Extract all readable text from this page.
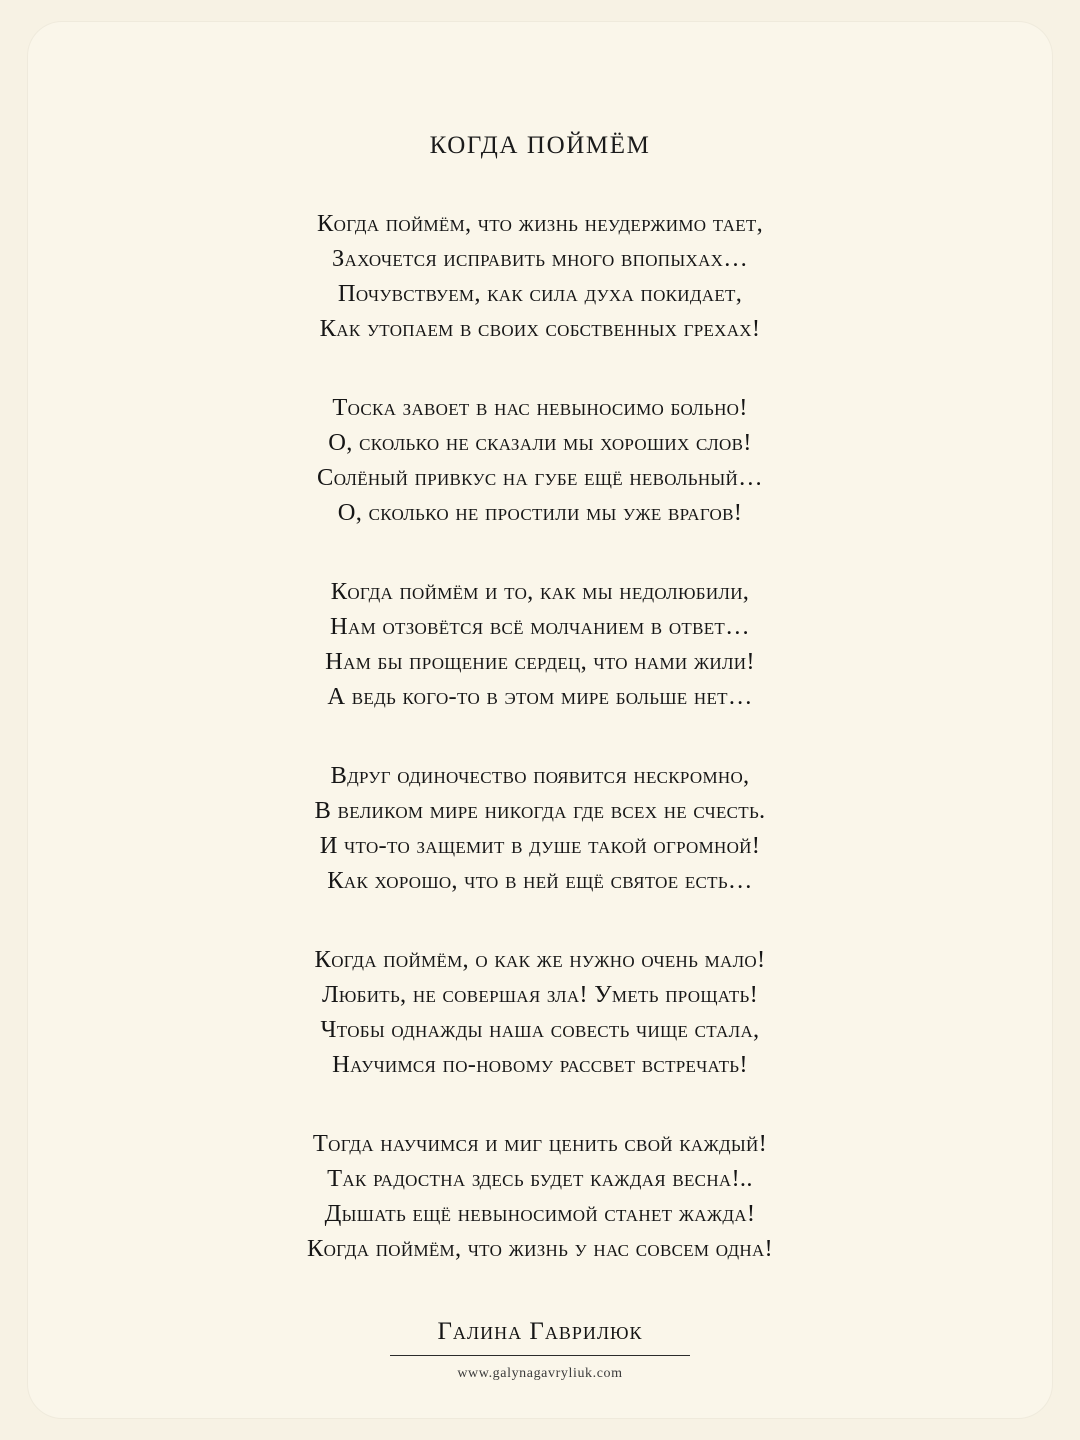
КОГДА ПОЙМЁМ
Когда поймём, что жизнь неудержимо тает,
Захочется исправить много впопыхах…
Почувствуем, как сила духа покидает,
Как утопаем в своих собственных грехах!
Тоска завоет в нас невыносимо больно!
О, сколько не сказали мы хороших слов!
Солёный привкус на губе ещё невольный…
О, сколько не простили мы уже врагов!
Когда поймём и то, как мы недолюбили,
Нам отзовётся всё молчанием в ответ…
Нам бы прощение сердец, что нами жили!
А ведь кого-то в этом мире больше нет…
Вдруг одиночество появится нескромно,
В великом мире никогда где всех не счесть.
И что-то защемит в душе такой огромной!
Как хорошо, что в ней ещё святое есть…
Когда поймём, о как же нужно очень мало!
Любить, не совершая зла! Уметь прощать!
Чтобы однажды наша совесть чище стала,
Научимся по-новому рассвет встречать!
Тогда научимся и миг ценить свой каждый!
Так радостна здесь будет каждая весна!..
Дышать ещё невыносимой станет жажда!
Когда поймём, что жизнь у нас совсем одна!
Галина Гаврилюк
www.galynagavryliuk.com
